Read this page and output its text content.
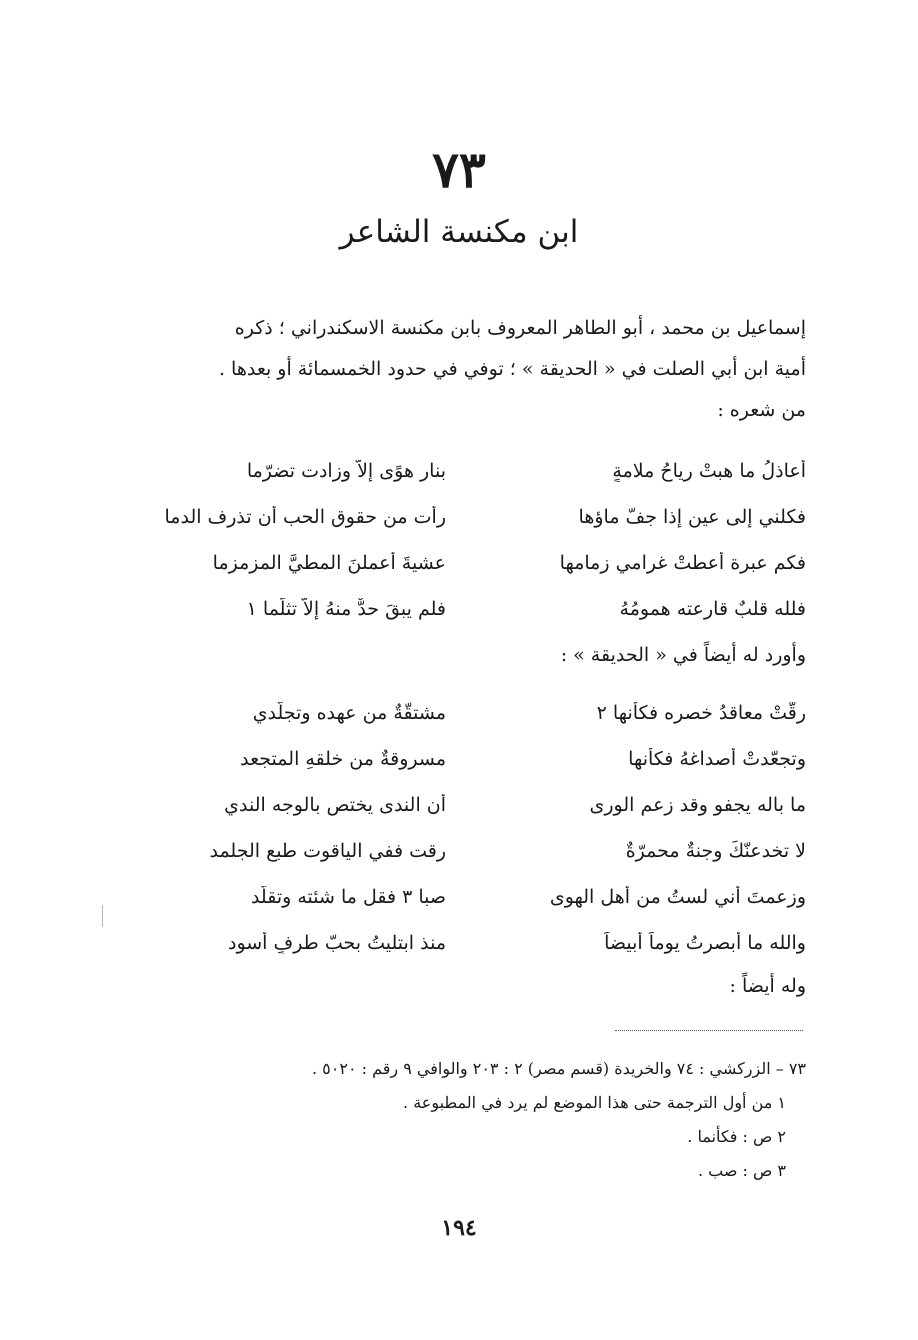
٧٣
ابن مكنسة الشاعر

إسماعيل بن محمد ، أبو الطاهر المعروف بابن مكنسة الاسكندراني ؛ ذكره

أمية ابن أبي الصلت في « الحديقة » ؛ توفي في حدود الخمسمائة أو بعدها .

من شعره :

أعاذلُ ما هبتْ رياحُ ملامةٍ
بنار هوًى إلاّ وزادت تضرّما
فكلني إلى عينٍ إذا جفّ ماؤها
رأت من حقوق الحب أن تذرف الدما
فكم عبرة أعطتْ غرامي زمامها
عشيةَ أعملنَ المطيَّ المزمزما
فلله قلبٌ قارعته همومُهُ
فلم يبقَ حدٌّ منهُ إلاّ تثلّما ١
وأورد له أيضاً في « الحديقة » :
رقّتْ معاقدُ خصره فكأنها ٢
مشتقّةٌ من عهده وتجلُّدي
وتجعّدتْ أصداغهُ فكأنها
مسروقةٌ من خلقهِ المتجعد
ما باله يجفو وقد زعم الورى
أن الندى يختص بالوجه الندي
لا تخدعنّكَ وجنةٌ محمرّةٌ
رقت ففي الياقوت طبع الجلمد
وزعمتَ أني لستُ من أهل الهوى
صبا ٣ فقل ما شئته وتقلّد
والله ما أبصرتُ يوماً أبيضاً
منذ ابتليتُ بحبّ طرفٍ أسود
وله أيضاً :

٧٣ – الزركشي : ٧٤ والخريدة (قسم مصر) ٢ : ٢٠٣ والوافي ٩ رقم : ٥٠٢٠ .

١ من أول الترجمة حتى هذا الموضع لم يرد في المطبوعة .

٢ ص : فكأنما .

٣ ص : صب .

١٩٤
